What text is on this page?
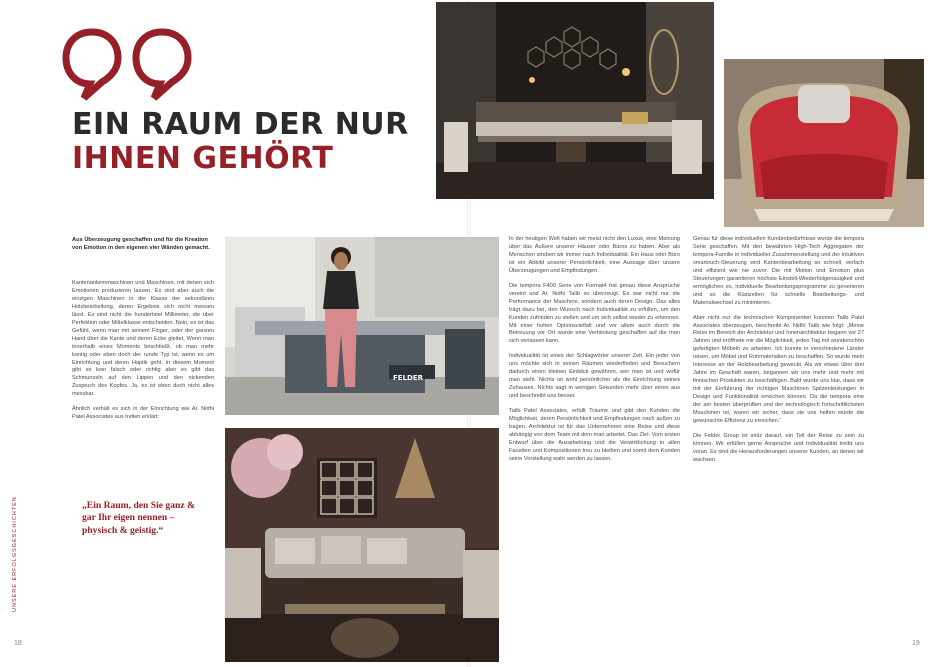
EIN RAUM DER NUR
IHNEN GEHÖRT
FELDER
Aus Überzeugung geschaffen und für die Kreation von Emotion in den eigenen vier Wänden gemacht.

Kantenanleimmaschinen und Maschinen, mit denen sich Emotionen produzieren lassen. Es sind aber auch die einzigen Maschinen in der Klasse der sekundären Holzbearbeitung, deren Ergebnis sich nicht messen lässt. Es sind nicht die hundertstel Millimeter, die über Perfektion oder Mittelklasse entscheiden. Nein, es ist das Gefühl, wenn man mit seinem Finger, oder der ganzen Hand über die Kante und deren Ecke gleitet. Wenn man innerhalb eines Moments beschließt, ob man mehr kantig oder eben doch der runde Typ ist, wenn es um Einrichtung und deren Haptik geht. In diesem Moment gibt es kein falsch oder richtig aber es gibt das Schmunzeln auf den Lippen und den nickenden Zuspruch des Kopfes. Ja, es ist eben doch nicht alles messbar.

Ähnlich verhält es sich in der Einrichtung wie Ar. Nidhi Patel Associates aus Indien erklärt:

„Ein Raum, den Sie ganz & gar Ihr eigen nennen – physisch & geistig.“

In der heutigen Welt haben wir meist nicht den Luxus, eine Meinung über das Äußere unserer Häuser oder Büros zu haben. Aber als Menschen streben wir immer nach Individualität. Ein Haus oder Büro ist ein Abbild unserer Persönlichkeit, eine Aussage über unsere Überzeugungen und Empfindungen.

Die tempora F400 Serie von Format4 hat genau diese Ansprüche vereint und Ar. Nidhi Talib so überzeugt. Es war nicht nur die Performance der Maschine, sondern auch deren Design. Das alles trägt dazu bei, den Wunsch nach Individualität zu erfüllen, um den Kunden zufrieden zu stellen und um sich selbst wieder zu erkennen. Mit einer hohen Optionsvielfalt und vor allem auch durch die Betreuung vor Ort wurde eine Verbindung geschaffen auf die man sich verlassen kann.

Individualität ist eines der Schlagwörter unserer Zeit. Ein jeder von uns möchte sich in seinen Räumen wiederfinden und Besuchern dadurch einen kleinen Einblick gewähren, wer man ist und wofür man steht. Nichts ist wohl persönlicher als die Einrichtung seines Zuhauses. Nichts sagt in wenigen Sekunden mehr über einen aus und beschreibt uns besser.

Talib Patel Associates, erfüllt Träume und gibt den Kunden die Möglichkeit, deren Persönlichkeit und Empfindungen nach außen zu tragen. Architektur ist für das Unternehmen eine Reise und diese abhängig von dem Team mit dem man arbeitet. Das Ziel: Vom ersten Entwurf über die Ausarbeitung und die Verwirklichung in allen Facetten und Kompositionen treu zu bleiben und somit dem Kunden seine Vorstellung wahr werden zu lassen.

Genau für diese individuellen Kundenbedürfnisse wurde die tempora Serie geschaffen. Mit den bewährten High-Tech Aggregaten der tempora-Familie in individueller Zusammenstellung und der intuitiven smartouch-Steuerung wird Kantenbearbeitung so schnell, einfach und effizient wie nie zuvor. Die mit Motion und Emotion plus Steuerungen garantieren höchste Einstell-Wiederholgenauigkeit und ermöglichen es, individuelle Bearbeitungsprogramme zu generieren und so die Rüstzeiten für schnelle Bearbeitungs- und Materialwechsel zu minimieren.

Aber nicht nur die technischen Komponenten konnten Talib Patel Associates überzeugen, beschreibt Ar. Nidhi Talib wie folgt: „Meine Reise im Bereich der Architektur und Innenarchitektur begann vor 27 Jahren und eröffnete mir die Möglichkeit, jeden Tag mit wunderschön gefertigten Möbeln zu arbeiten. Ich konnte in verschiedene Länder reisen, um Möbel und Rohmaterialien zu beschaffen. So wurde mein Interesse an der Holzbearbeitung geweckt. Als wir etwas über drei Jahre im Geschäft waren, begannen wir uns mehr und mehr mit finnischen Produkten zu beschäftigen. Bald wurde uns klar, dass wir mit der Einführung der richtigen Maschinen Spitzenleistungen in Design und Funktionalität erreichen können. Da die tempora eine der am besten überprüften und der technologisch fortschrittlichsten Maschinen ist, waren wir sicher, dass sie uns helfen würde die gewünschte Effizienz zu erreichen.“

Die Felder Group ist stolz darauf, ein Teil der Reise zu sein zu können. Wir erfüllen gerne Ansprüche und Individualität treibt uns voran. Es sind die Herausforderungen unserer Kunden, an denen wir wachsen.

UNSERE ERFOLGSGESCHICHTEN
18	19
